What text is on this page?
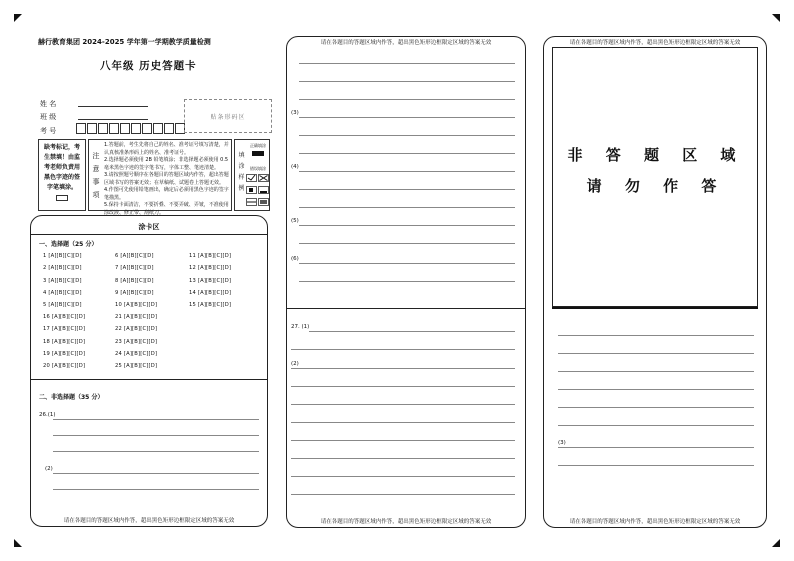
赫行教育集团 2024-2025 学年第一学期教学质量检测
八年级 历史答题卡
姓 名
班 级
考 号
贴条形码区
缺考标记，考生禁填！由监考老师负责用黑色字迹的签字笔填涂。
注意事项
1.答题前，考生先将自己的姓名、准考证号填写清楚，并认真核准条形码上的姓名、准考证号。
2.选择题必须使用 2B 铅笔填涂；非选择题必须使用 0.5 毫米黑色字迹的签字笔书写，字体工整、笔迹清楚。
3.请按照题号顺序在各题目的答题区域内作答，超出答题区域书写的答案无效；在草稿纸、试题卷上答题无效。
4.作图可先使用铅笔画出，确定后必须用黑色字迹的签字笔描黑。
5.保持卡面清洁，不要折叠、不要弄破、弄皱，不准使用涂改液、修正带、刮纸刀。
填涂样例
正确填涂
错误填涂
涂卡区
一、选择题（25 分）
1 [A][B][C][D]
2 [A][B][C][D]
3 [A][B][C][D]
4 [A][B][C][D]
5 [A][B][C][D]
6 [A][B][C][D]
7 [A][B][C][D]
8 [A][B][C][D]
9 [A][B][C][D]
10 [A][B][C][D]
11 [A][B][C][D]
12 [A][B][C][D]
13 [A][B][C][D]
14 [A][B][C][D]
15 [A][B][C][D]
16 [A][B][C][D]
17 [A][B][C][D]
18 [A][B][C][D]
19 [A][B][C][D]
20 [A][B][C][D]
21 [A][B][C][D]
22 [A][B][C][D]
23 [A][B][C][D]
24 [A][B][C][D]
25 [A][B][C][D]
二、非选择题（35 分）
26.(1)
(2)
请在各题目的答题区域内作答，超出黑色矩形边框限定区域的答案无效
请在各题目的答题区域内作答，超出黑色矩形边框限定区域的答案无效
(3)
(4)
(5)
(6)
27. (1)
(2)
请在各题目的答题区域内作答，超出黑色矩形边框限定区域的答案无效
请在各题目的答题区域内作答，超出黑色矩形边框限定区域的答案无效
非 答 题 区 域
请 勿 作 答
(3)
请在各题目的答题区域内作答，超出黑色矩形边框限定区域的答案无效
